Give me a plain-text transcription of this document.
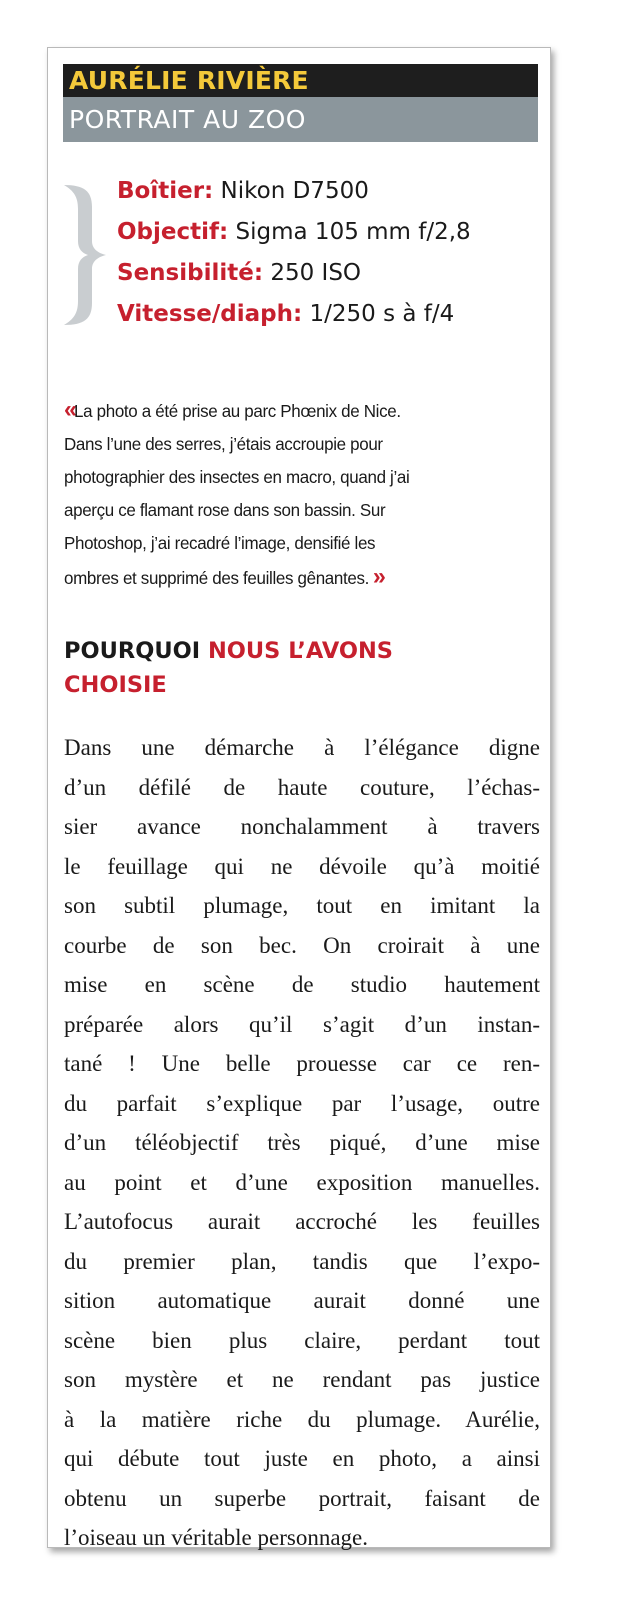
AURÉLIE RIVIÈRE
PORTRAIT AU ZOO
Boîtier: Nikon D7500
Objectif: Sigma 105 mm f/2,8
Sensibilité: 250 ISO
Vitesse/diaph: 1/250 s à f/4
«La photo a été prise au parc Phœnix de Nice.
Dans l’une des serres, j’étais accroupie pour
photographier des insectes en macro, quand j’ai
aperçu ce flamant rose dans son bassin. Sur
Photoshop, j’ai recadré l’image, densifié les
ombres et supprimé des feuilles gênantes. »
POURQUOI NOUS L’AVONS
CHOISIE
Dans une démarche à l’élégance digne
d’un défilé de haute couture, l’échas-
sier avance nonchalamment à travers
le feuillage qui ne dévoile qu’à moitié
son subtil plumage, tout en imitant la
courbe de son bec. On croirait à une
mise en scène de studio hautement
préparée alors qu’il s’agit d’un instan-
tané ! Une belle prouesse car ce ren-
du parfait s’explique par l’usage, outre
d’un téléobjectif très piqué, d’une mise
au point et d’une exposition manuelles.
L’autofocus aurait accroché les feuilles
du premier plan, tandis que l’expo-
sition automatique aurait donné une
scène bien plus claire, perdant tout
son mystère et ne rendant pas justice
à la matière riche du plumage. Aurélie,
qui débute tout juste en photo, a ainsi
obtenu un superbe portrait, faisant de
l’oiseau un véritable personnage.
